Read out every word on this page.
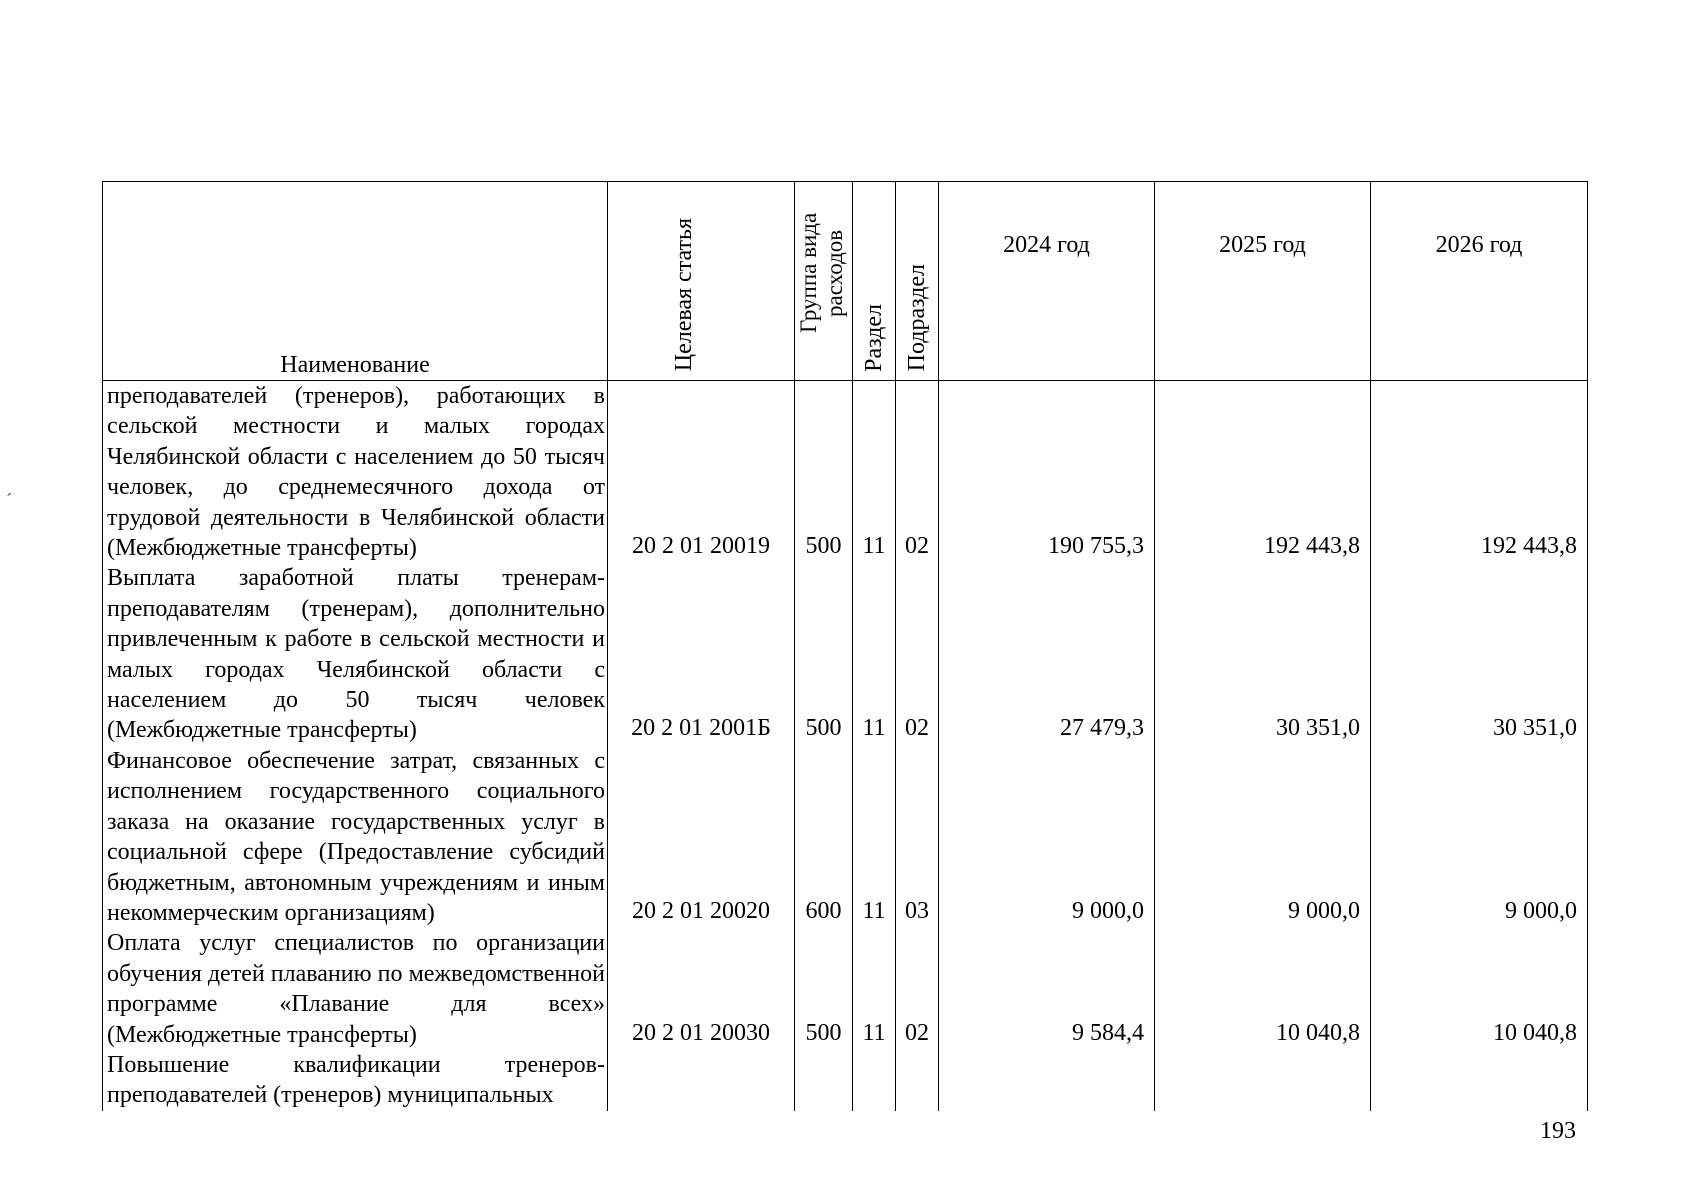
ˊ
Наименование	Целевая статья	Группа вида расходов	Раздел	Подраздел	2024 год	2025 год	2026 год
преподавателей (тренеров), работающих в сельской местности и малых городах Челябинской области с населением до 50 тысяч человек, до среднемесячного дохода от трудовой деятельности в Челябинской области (Межбюджетные трансферты)	20 2 01 20019	500	11	02	190 755,3	192 443,8	192 443,8
Выплата заработной платы тренерам-преподавателям (тренерам), дополнительно привлеченным к работе в сельской местности и малых городах Челябинской области с населением до 50 тысяч человек (Межбюджетные трансферты)	20 2 01 2001Б	500	11	02	27 479,3	30 351,0	30 351,0
Финансовое обеспечение затрат, связанных с исполнением государственного социального заказа на оказание государственных услуг в социальной сфере (Предоставление субсидий бюджетным, автономным учреждениям и иным некоммерческим организациям)	20 2 01 20020	600	11	03	9 000,0	9 000,0	9 000,0
Оплата услуг специалистов по организации обучения детей плаванию по межведомственной программе «Плавание для всех» (Межбюджетные трансферты)	20 2 01 20030	500	11	02	9 584,4	10 040,8	10 040,8
Повышение квалификации тренеров-преподавателей (тренеров) муниципальных							
193
